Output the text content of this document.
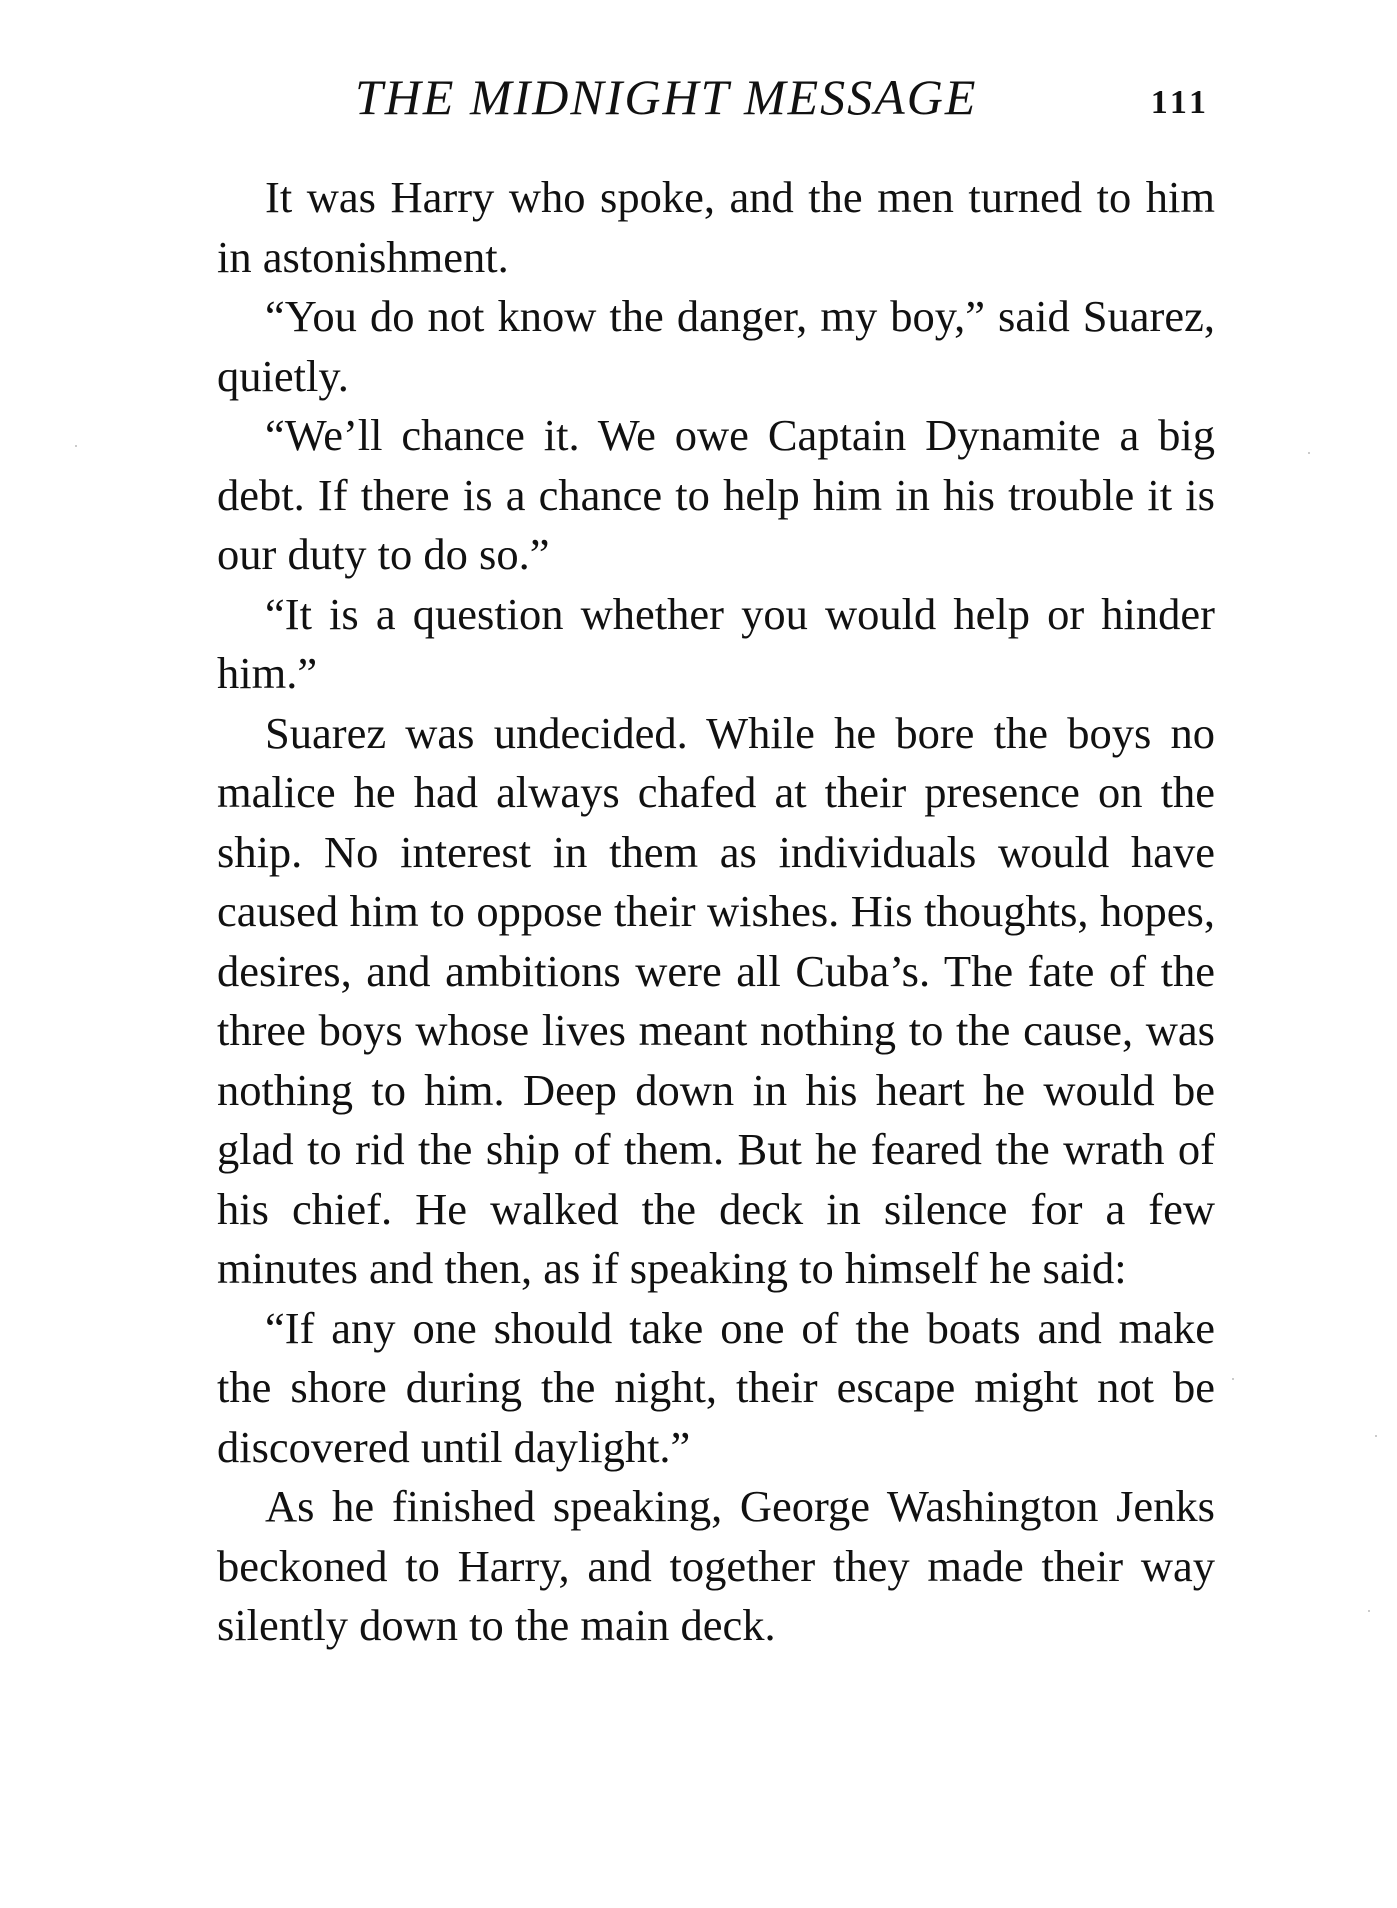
THE MIDNIGHT MESSAGE	111

It was Harry who spoke, and the men turned to him in astonishment.

“You do not know the danger, my boy,” said Suarez, quietly.

“We’ll chance it. We owe Captain Dynamite a big debt. If there is a chance to help him in his trouble it is our duty to do so.”

“It is a question whether you would help or hinder him.”

Suarez was undecided. While he bore the boys no malice he had always chafed at their presence on the ship. No interest in them as individuals would have caused him to oppose their wishes. His thoughts, hopes, desires, and ambitions were all Cuba’s. The fate of the three boys whose lives meant nothing to the cause, was nothing to him. Deep down in his heart he would be glad to rid the ship of them. But he feared the wrath of his chief. He walked the deck in silence for a few minutes and then, as if speaking to himself he said:

“If any one should take one of the boats and make the shore during the night, their escape might not be discovered until daylight.”

As he finished speaking, George Washington Jenks beckoned to Harry, and together they made their way silently down to the main deck.
